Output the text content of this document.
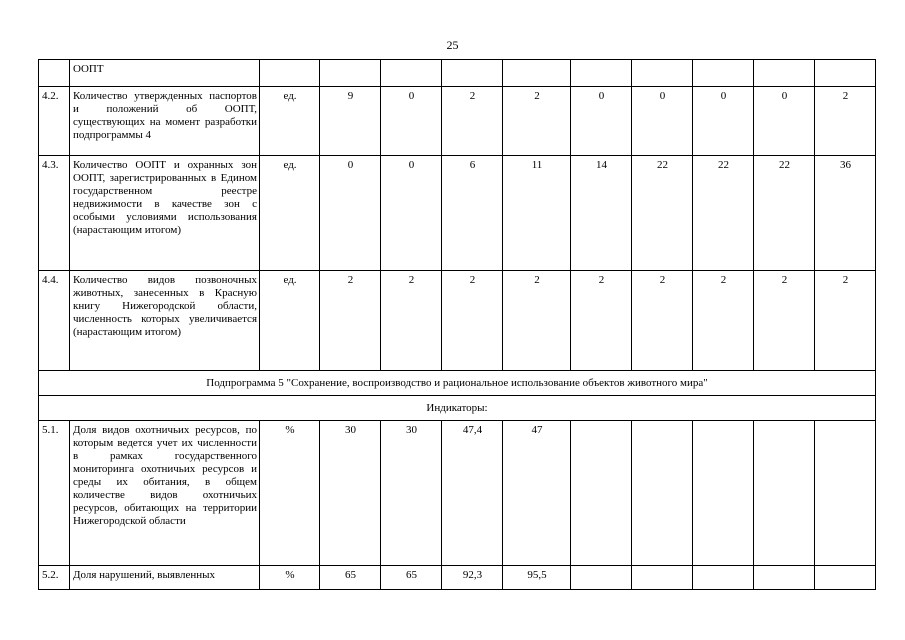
25
	ООПТ										
4.2.	Количество утвержденных паспортов и положений об ООПТ, существующих на момент разработки подпрограммы 4	ед.	9	0	2	2	0	0	0	0	2
4.3.	Количество ООПТ и охранных зон ООПТ, зарегистрированных в Едином государственном реестре недвижимости в качестве зон с особыми условиями использования (нарастающим итогом)	ед.	0	0	6	11	14	22	22	22	36
4.4.	Количество видов позвоночных животных, занесенных в Красную книгу Нижегородской области, численность которых увеличивается (нарастающим итогом)	ед.	2	2	2	2	2	2	2	2	2
Подпрограмма 5 "Сохранение, воспроизводство и рациональное использование объектов животного мира"											
Индикаторы:											
5.1.	Доля видов охотничьих ресурсов, по которым ведется учет их численности в рамках государственного мониторинга охотничьих ресурсов и среды их обитания, в общем количестве видов охотничьих ресурсов, обитающих на территории Нижегородской области	%	30	30	47,4	47					
5.2.	Доля нарушений, выявленных	%	65	65	92,3	95,5					
